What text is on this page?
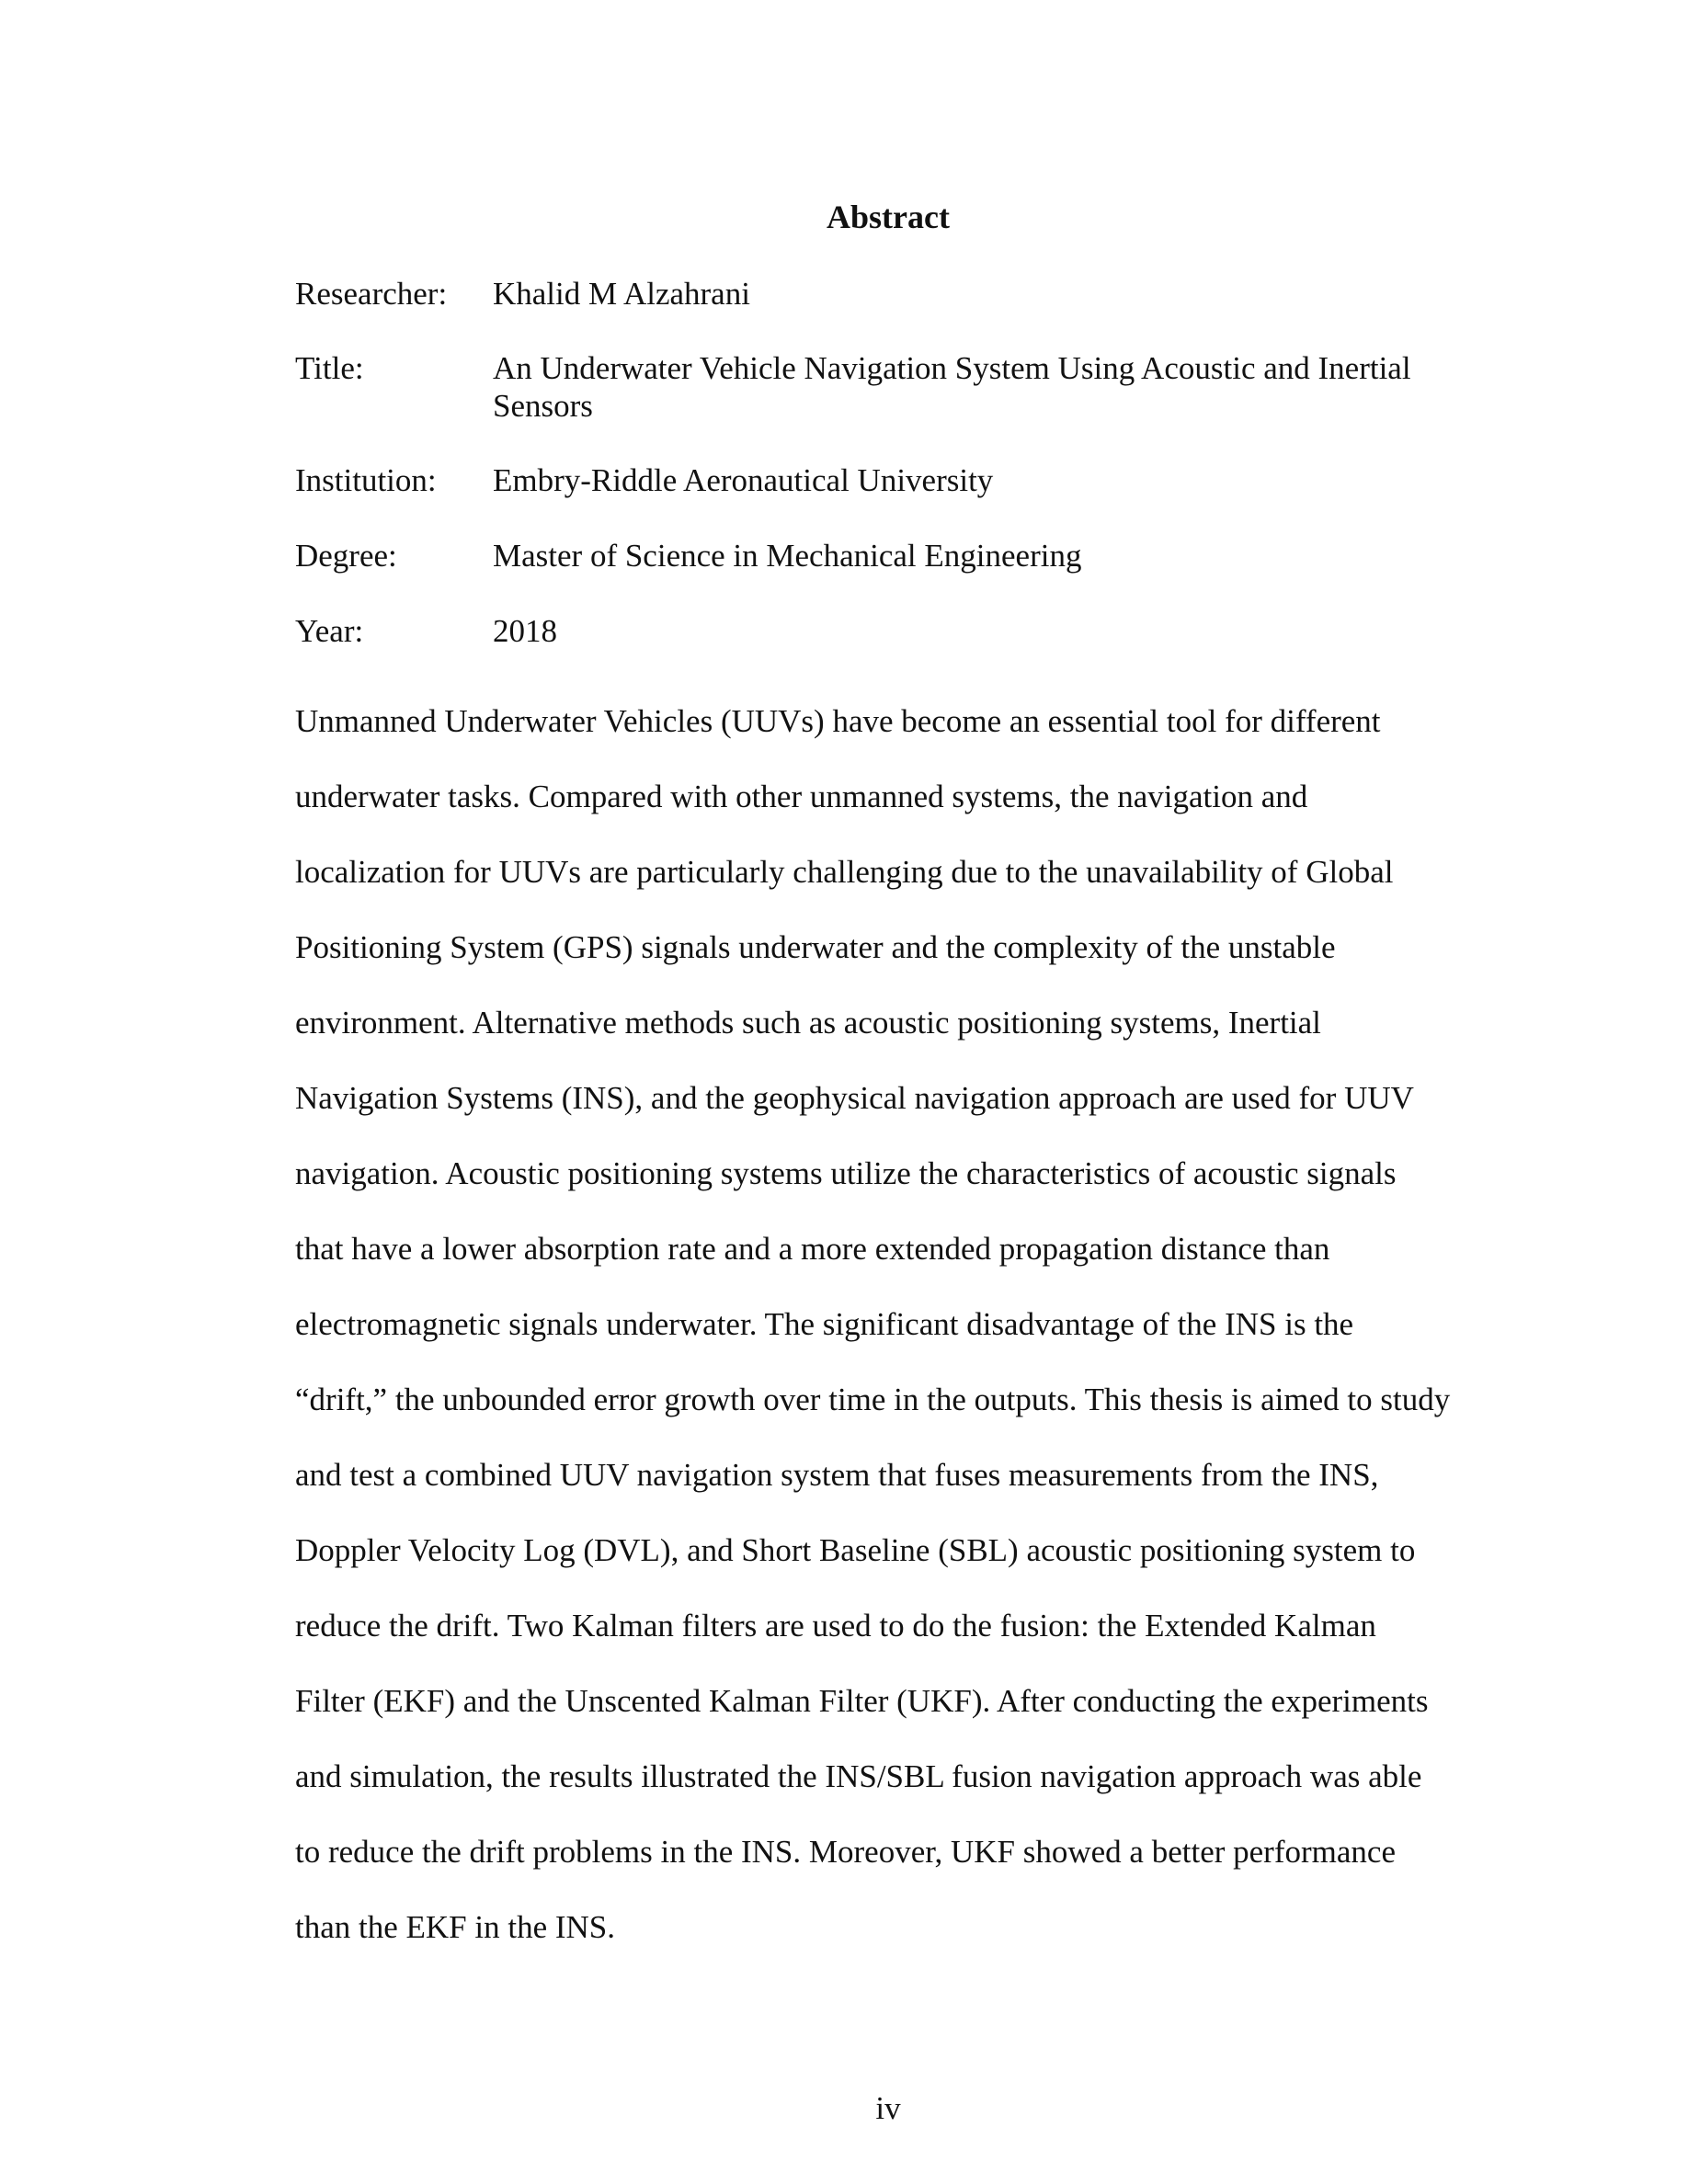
Abstract
Researcher:	Khalid M Alzahrani
Title:	An Underwater Vehicle Navigation System Using Acoustic and Inertial
Sensors
Institution:	Embry-Riddle Aeronautical University
Degree:	Master of Science in Mechanical Engineering
Year:	2018
Unmanned Underwater Vehicles (UUVs) have become an essential tool for different
underwater tasks. Compared with other unmanned systems, the navigation and
localization for UUVs are particularly challenging due to the unavailability of Global
Positioning System (GPS) signals underwater and the complexity of the unstable
environment. Alternative methods such as acoustic positioning systems, Inertial
Navigation Systems (INS), and the geophysical navigation approach are used for UUV
navigation. Acoustic positioning systems utilize the characteristics of acoustic signals
that have a lower absorption rate and a more extended propagation distance than
electromagnetic signals underwater. The significant disadvantage of the INS is the
“drift,” the unbounded error growth over time in the outputs. This thesis is aimed to study
and test a combined UUV navigation system that fuses measurements from the INS,
Doppler Velocity Log (DVL), and Short Baseline (SBL) acoustic positioning system to
reduce the drift. Two Kalman filters are used to do the fusion: the Extended Kalman
Filter (EKF) and the Unscented Kalman Filter (UKF). After conducting the experiments
and simulation, the results illustrated the INS/SBL fusion navigation approach was able
to reduce the drift problems in the INS. Moreover, UKF showed a better performance
than the EKF in the INS.
iv
